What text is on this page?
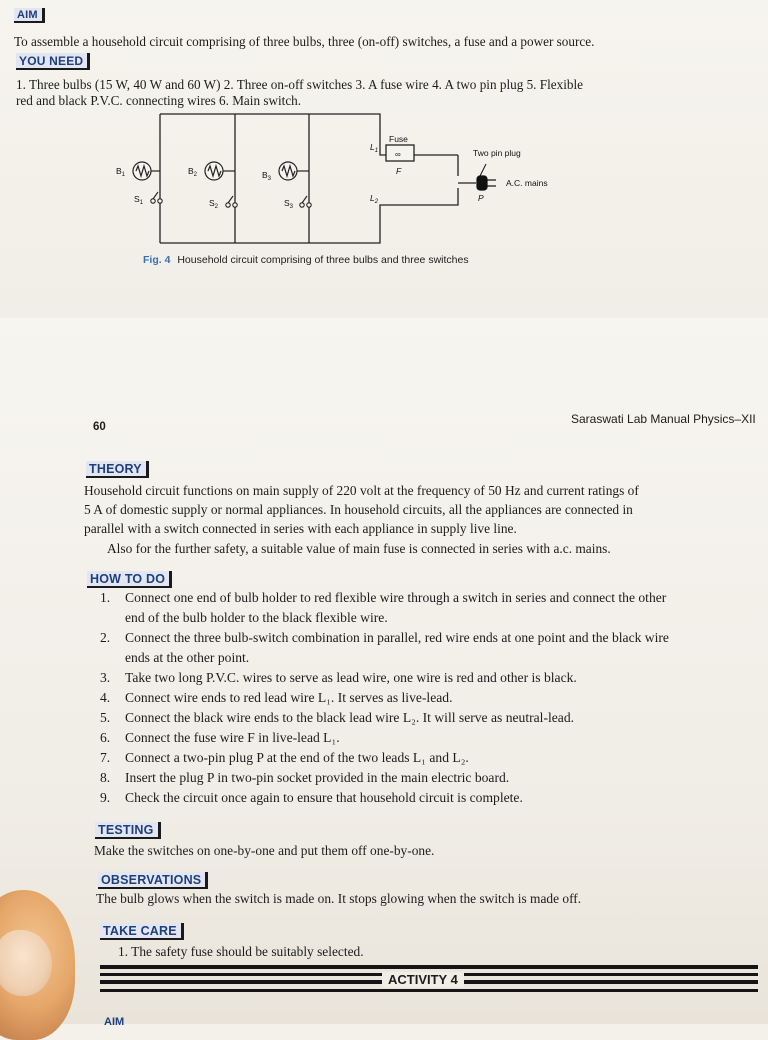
AIM
To assemble a household circuit comprising of three bulbs, three (on-off) switches, a fuse and a power source.
YOU NEED
1. Three bulbs (15 W, 40 W and 60 W) 2. Three on-off switches 3. A fuse wire 4. A two pin plug 5. Flexible
red and black P.V.C. connecting wires 6. Main switch.
$B_1$	$B_2$	$B_3$
$S_1$	$S_2$	$S_3$
$L_1$
$L_2$
Fuse
∞
F
Two pin plug
A.C. mains
P
Fig. 4 Household circuit comprising of three bulbs and three switches
60
Saraswati Lab Manual Physics–XII
THEORY
Household circuit functions on main supply of 220 volt at the frequency of 50 Hz and current ratings of
5 A of domestic supply or normal appliances. In household circuits, all the appliances are connected in
parallel with a switch connected in series with each appliance in supply live line.
Also for the further safety, a suitable value of main fuse is connected in series with a.c. mains.
HOW TO DO
1. Connect one end of bulb holder to red flexible wire through a switch in series and connect the other
end of the bulb holder to the black flexible wire.
2. Connect the three bulb-switch combination in parallel, red wire ends at one point and the black wire
ends at the other point.
3. Take two long P.V.C. wires to serve as lead wire, one wire is red and other is black.
4. Connect wire ends to red lead wire L₁. It serves as live-lead.
5. Connect the black wire ends to the black lead wire L₂. It will serve as neutral-lead.
6. Connect the fuse wire F in live-lead L₁.
7. Connect a two-pin plug P at the end of the two leads L₁ and L₂.
8. Insert the plug P in two-pin socket provided in the main electric board.
9. Check the circuit once again to ensure that household circuit is complete.
TESTING
Make the switches on one-by-one and put them off one-by-one.
OBSERVATIONS
The bulb glows when the switch is made on. It stops glowing when the switch is made off.
TAKE CARE
1. The safety fuse should be suitably selected.
ACTIVITY 4
AIM
